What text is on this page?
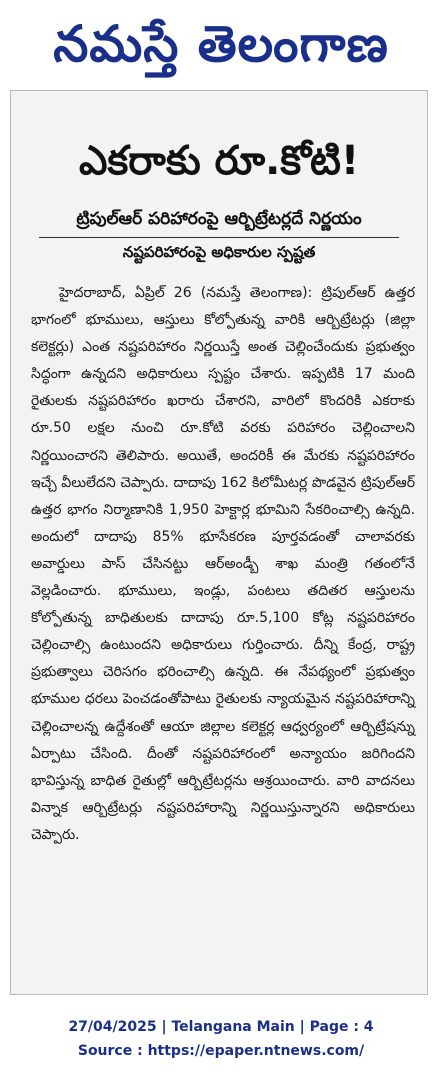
నమస్తే తెలంగాణ
ఎకరాకు రూ.కోటి!
ట్రిపుల్ఆర్ పరిహారంపై ఆర్బిట్రేటర్లదే నిర్ణయం
నష్టపరిహారంపై అధికారుల స్పష్టత
హైదరాబాద్, ఏప్రిల్ 26 (నమస్తే తెలంగాణ): ట్రిపుల్ఆర్ ఉత్తర భాగంలో భూములు, ఆస్తులు కోల్పోతున్న వారికి ఆర్బిట్రేటర్లు (జిల్లా కలెక్టర్లు) ఎంత నష్టపరిహారం నిర్ణయిస్తే అంత చెల్లించేందుకు ప్రభుత్వం సిద్ధంగా ఉన్నదని అధికారులు స్పష్టం చేశారు. ఇప్పటికి 17 మంది రైతులకు నష్టపరిహారం ఖరారు చేశారని, వారిలో కొందరికి ఎకరాకు రూ.50 లక్షల నుంచి రూ.కోటి వరకు పరిహారం చెల్లించాలని నిర్ణయించారని తెలిపారు. అయితే, అందరికీ ఈ మేరకు నష్టపరిహారం ఇచ్చే వీలులేదని చెప్పారు. దాదాపు 162 కిలోమీటర్ల పొడవైన ట్రిపుల్ఆర్ ఉత్తర భాగం నిర్మాణానికి 1,950 హెక్టార్ల భూమిని సేకరించాల్సి ఉన్నది. అందులో దాదాపు 85% భూసేకరణ పూర్తవడంతో చాలావరకు అవార్డులు పాస్ చేసినట్టు ఆర్అండ్బీ శాఖ మంత్రి గతంలోనే వెల్లడించారు. భూములు, ఇండ్లు, పంటలు తదితర ఆస్తులను కోల్పోతున్న బాధితులకు దాదాపు రూ.5,100 కోట్ల నష్టపరిహారం చెల్లించాల్సి ఉంటుందని అధికారులు గుర్తించారు. దీన్ని కేంద్ర, రాష్ట్ర ప్రభుత్వాలు చెరిసగం భరించాల్సి ఉన్నది. ఈ నేపథ్యంలో ప్రభుత్వం భూముల ధరలు పెంచడంతోపాటు రైతులకు న్యాయమైన నష్టపరిహారాన్ని చెల్లించాలన్న ఉద్దేశంతో ఆయా జిల్లాల కలెక్టర్ల ఆధ్వర్యంలో ఆర్బిట్రేషన్ను ఏర్పాటు చేసింది. దీంతో నష్టపరిహారంలో అన్యాయం జరిగిందని భావిస్తున్న బాధిత రైతుల్లో ఆర్బిట్రేటర్లను ఆశ్రయించారు. వారి వాదనలు విన్నాక ఆర్బిట్రేటర్లు నష్టపరిహారాన్ని నిర్ణయిస్తున్నారని అధికారులు చెప్పారు.
27/04/2025 | Telangana Main | Page : 4
Source : https://epaper.ntnews.com/
